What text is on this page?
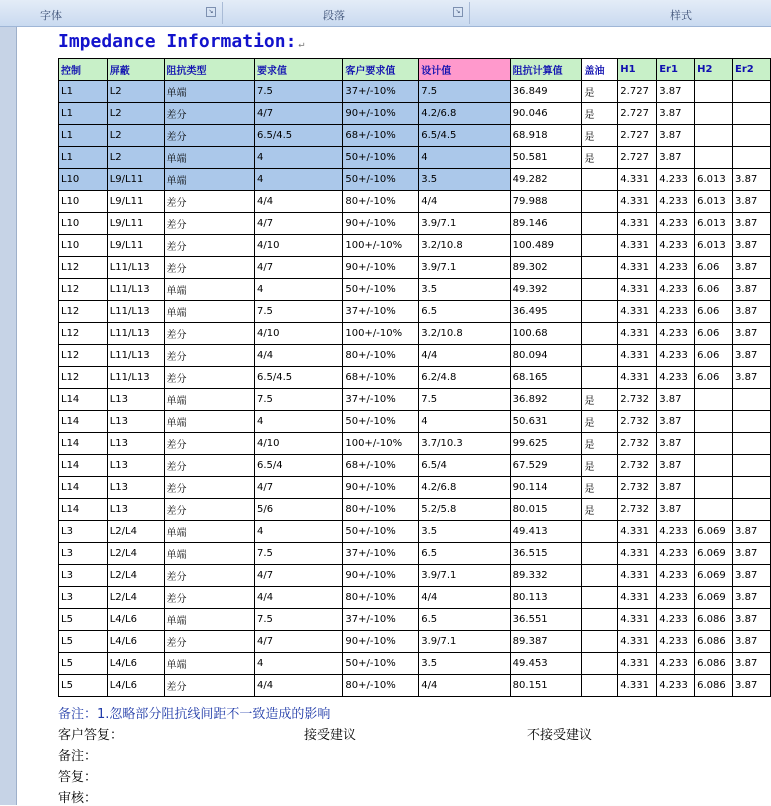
字体	↘	段落	↘	样式
Impedance Information: ↵
控制	屏蔽	阻抗类型	要求值	客户要求值	设计值	阻抗计算值	盖油	H1	Er1	H2	Er2
L1	L2	单端	7.5	37+/-10%	7.5	36.849	是	2.727	3.87		
L1	L2	差分	4/7	90+/-10%	4.2/6.8	90.046	是	2.727	3.87		
L1	L2	差分	6.5/4.5	68+/-10%	6.5/4.5	68.918	是	2.727	3.87		
L1	L2	单端	4	50+/-10%	4	50.581	是	2.727	3.87		
L10	L9/L11	单端	4	50+/-10%	3.5	49.282		4.331	4.233	6.013	3.87
L10	L9/L11	差分	4/4	80+/-10%	4/4	79.988		4.331	4.233	6.013	3.87
L10	L9/L11	差分	4/7	90+/-10%	3.9/7.1	89.146		4.331	4.233	6.013	3.87
L10	L9/L11	差分	4/10	100+/-10%	3.2/10.8	100.489		4.331	4.233	6.013	3.87
L12	L11/L13	差分	4/7	90+/-10%	3.9/7.1	89.302		4.331	4.233	6.06	3.87
L12	L11/L13	单端	4	50+/-10%	3.5	49.392		4.331	4.233	6.06	3.87
L12	L11/L13	单端	7.5	37+/-10%	6.5	36.495		4.331	4.233	6.06	3.87
L12	L11/L13	差分	4/10	100+/-10%	3.2/10.8	100.68		4.331	4.233	6.06	3.87
L12	L11/L13	差分	4/4	80+/-10%	4/4	80.094		4.331	4.233	6.06	3.87
L12	L11/L13	差分	6.5/4.5	68+/-10%	6.2/4.8	68.165		4.331	4.233	6.06	3.87
L14	L13	单端	7.5	37+/-10%	7.5	36.892	是	2.732	3.87		
L14	L13	单端	4	50+/-10%	4	50.631	是	2.732	3.87		
L14	L13	差分	4/10	100+/-10%	3.7/10.3	99.625	是	2.732	3.87		
L14	L13	差分	6.5/4	68+/-10%	6.5/4	67.529	是	2.732	3.87		
L14	L13	差分	4/7	90+/-10%	4.2/6.8	90.114	是	2.732	3.87		
L14	L13	差分	5/6	80+/-10%	5.2/5.8	80.015	是	2.732	3.87		
L3	L2/L4	单端	4	50+/-10%	3.5	49.413		4.331	4.233	6.069	3.87
L3	L2/L4	单端	7.5	37+/-10%	6.5	36.515		4.331	4.233	6.069	3.87
L3	L2/L4	差分	4/7	90+/-10%	3.9/7.1	89.332		4.331	4.233	6.069	3.87
L3	L2/L4	差分	4/4	80+/-10%	4/4	80.113		4.331	4.233	6.069	3.87
L5	L4/L6	单端	7.5	37+/-10%	6.5	36.551		4.331	4.233	6.086	3.87
L5	L4/L6	差分	4/7	90+/-10%	3.9/7.1	89.387		4.331	4.233	6.086	3.87
L5	L4/L6	单端	4	50+/-10%	3.5	49.453		4.331	4.233	6.086	3.87
L5	L4/L6	差分	4/4	80+/-10%	4/4	80.151		4.331	4.233	6.086	3.87
备注：1.忽略部分阻抗线间距不一致造成的影响
客户答复：	接受建议	不接受建议
备注：
答复：
审核：
